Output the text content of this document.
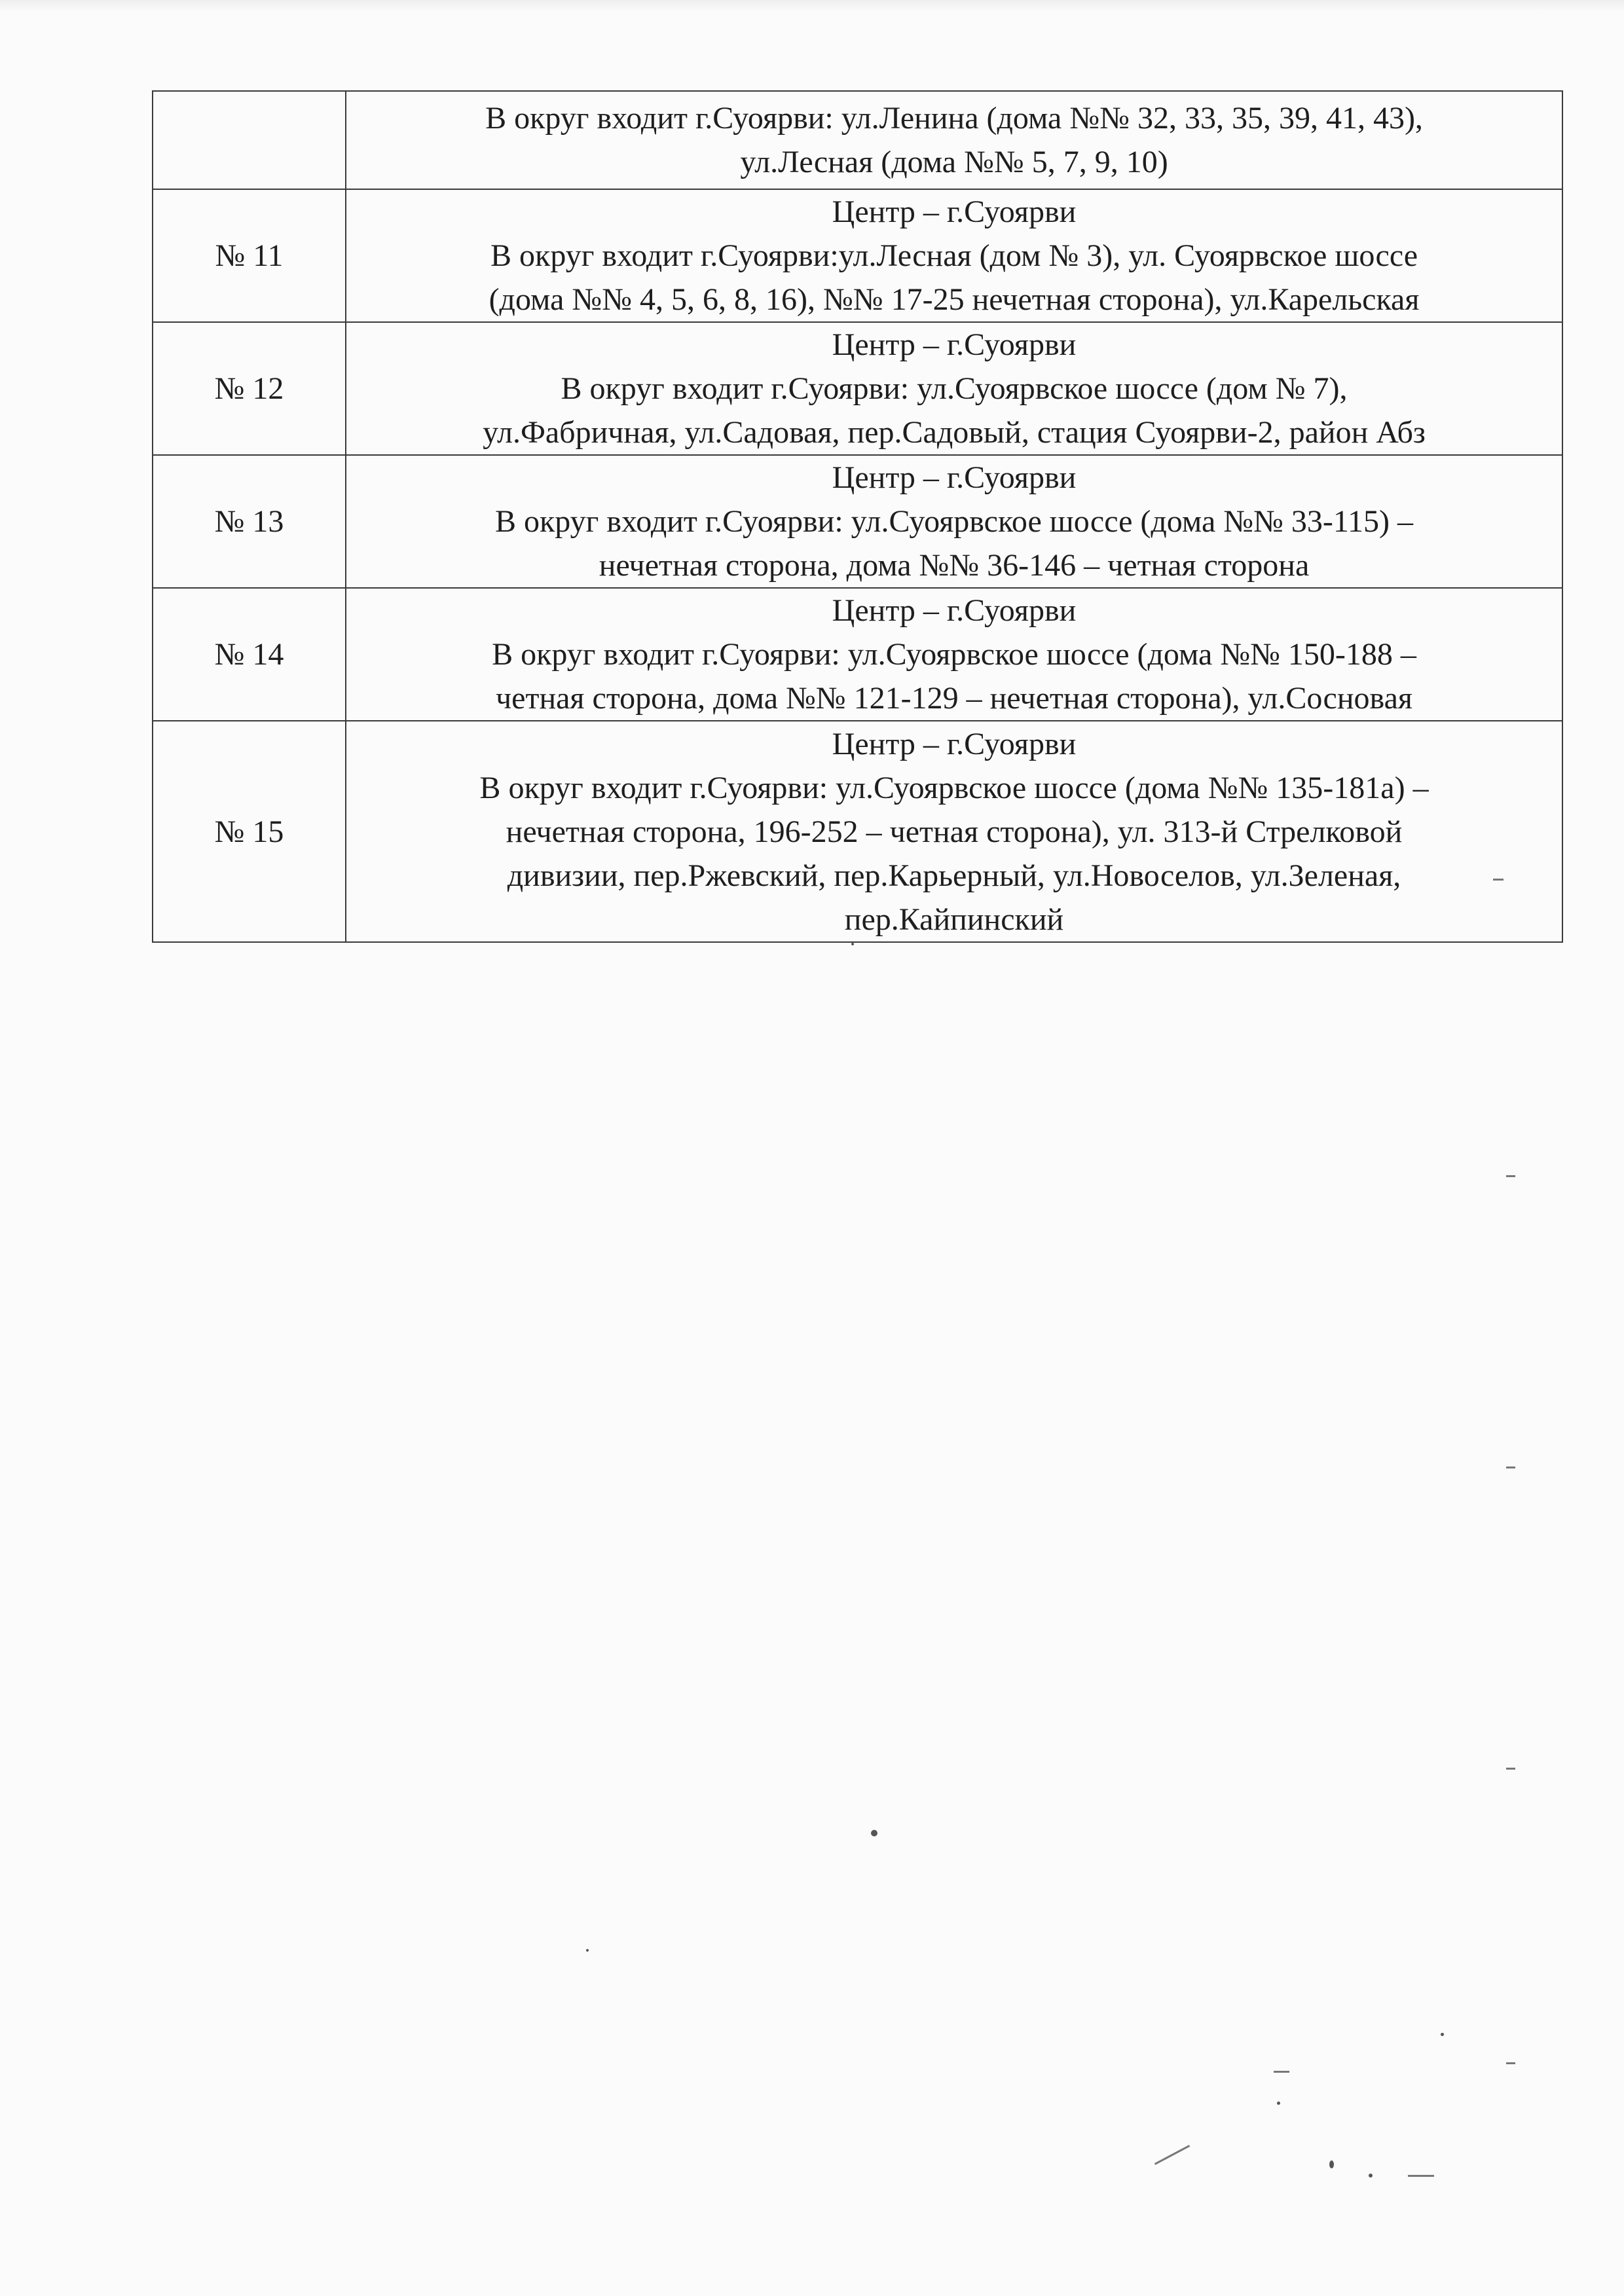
	В округ входит г.Суоярви: ул.Ленина (дома №№ 32, 33, 35, 39, 41, 43),
ул.Лесная (дома №№ 5, 7, 9, 10)

№ 11	Центр – г.Суоярви
В округ входит г.Суоярви:ул.Лесная (дом № 3), ул. Суоярвское шоссе
(дома №№ 4, 5, 6, 8, 16), №№ 17-25 нечетная сторона), ул.Карельская

№ 12	Центр – г.Суоярви
В округ входит г.Суоярви: ул.Суоярвское шоссе (дом № 7),
ул.Фабричная, ул.Садовая, пер.Садовый, стация Суоярви-2, район Абз

№ 13	Центр – г.Суоярви
В округ входит г.Суоярви: ул.Суоярвское шоссе (дома №№ 33-115) –
нечетная сторона, дома №№ 36-146 – четная сторона

№ 14	Центр – г.Суоярви
В округ входит г.Суоярви: ул.Суоярвское шоссе (дома №№ 150-188 –
четная сторона, дома №№ 121-129 – нечетная сторона), ул.Сосновая

№ 15	Центр – г.Суоярви
В округ входит г.Суоярви: ул.Суоярвское шоссе (дома №№ 135-181а) –
нечетная сторона, 196-252 – четная сторона), ул. 313-й Стрелковой
дивизии, пер.Ржевский, пер.Карьерный, ул.Новоселов, ул.Зеленая,
пер.Кайпинский
